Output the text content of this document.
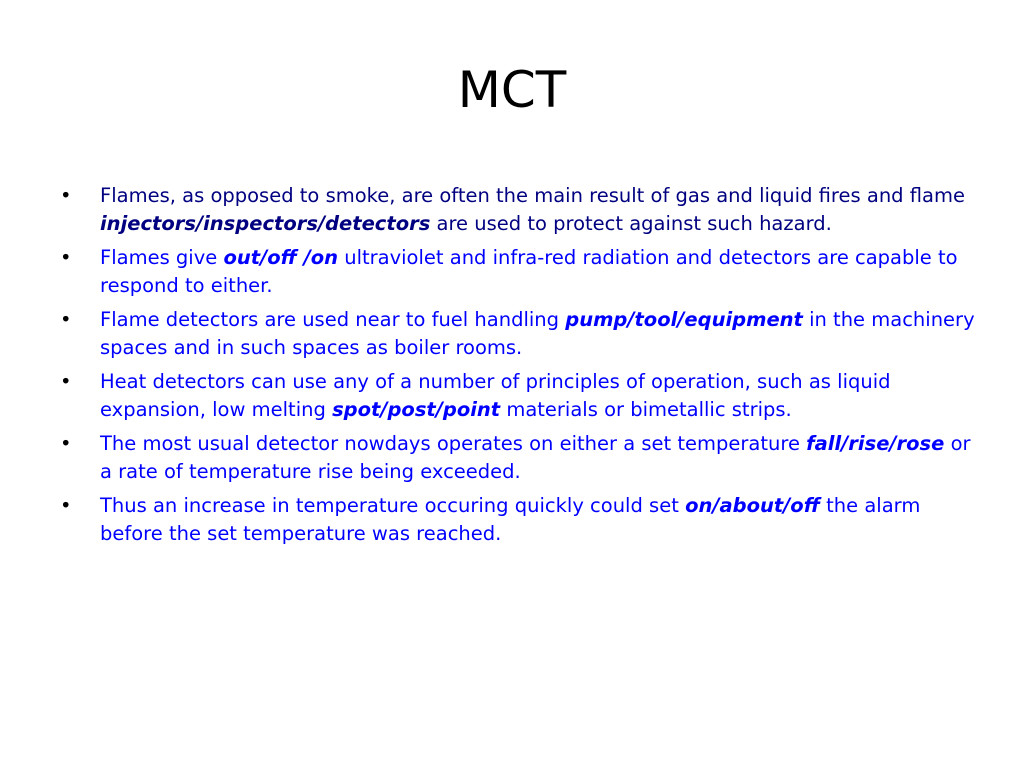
MCT
• Flames, as opposed to smoke, are often the main result of gas and liquid fires and flame injectors/inspectors/detectors are used to protect against such hazard.
• Flames give out/off /on ultraviolet and infra-red radiation and detectors are capable to respond to either.
• Flame detectors are used near to fuel handling pump/tool/equipment in the machinery spaces and in such spaces as boiler rooms.
• Heat detectors can use any of a number of principles of operation, such as liquid expansion, low melting spot/post/point materials or bimetallic strips.
• The most usual detector nowdays operates on either a set temperature fall/rise/rose or a rate of temperature rise being exceeded.
• Thus an increase in temperature occuring quickly could set on/about/off the alarm before the set temperature was reached.
